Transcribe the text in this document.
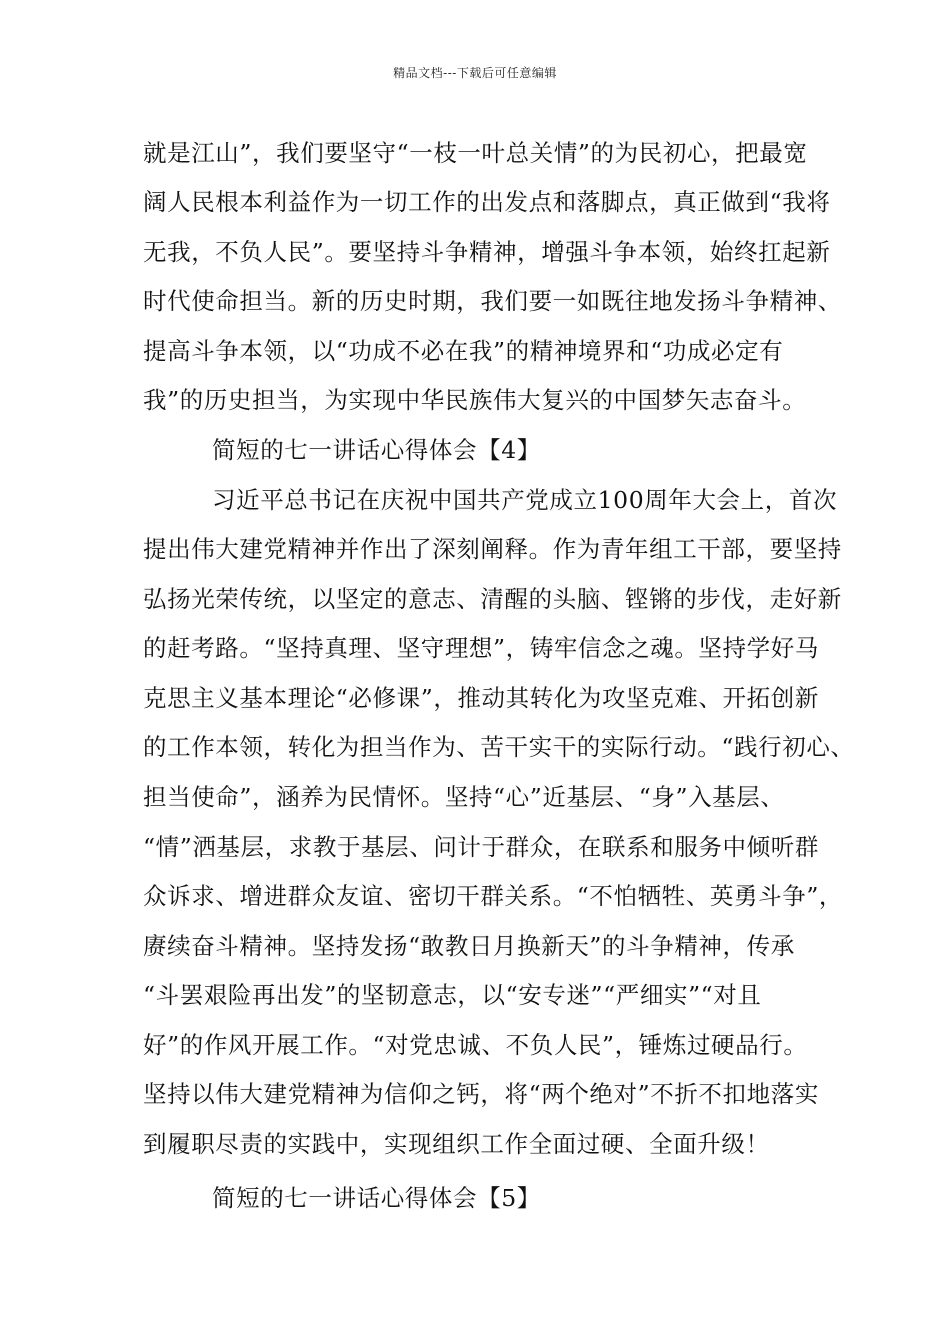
精品文档---下载后可任意编辑
就是江山”，我们要坚守“一枝一叶总关情”的为民初心，把最宽
阔人民根本利益作为一切工作的出发点和落脚点，真正做到“我将
无我，不负人民”。要坚持斗争精神，增强斗争本领，始终扛起新
时代使命担当。新的历史时期，我们要一如既往地发扬斗争精神、
提高斗争本领，以“功成不必在我”的精神境界和“功成必定有
我”的历史担当，为实现中华民族伟大复兴的中国梦矢志奋斗。
简短的七一讲话心得体会【4】
习近平总书记在庆祝中国共产党成立100周年大会上，首次
提出伟大建党精神并作出了深刻阐释。作为青年组工干部，要坚持
弘扬光荣传统，以坚定的意志、清醒的头脑、铿锵的步伐，走好新
的赶考路。“坚持真理、坚守理想”，铸牢信念之魂。坚持学好马
克思主义基本理论“必修课”，推动其转化为攻坚克难、开拓创新
的工作本领，转化为担当作为、苦干实干的实际行动。“践行初心、
担当使命”，涵养为民情怀。坚持“心”近基层、“身”入基层、
“情”洒基层，求教于基层、问计于群众，在联系和服务中倾听群
众诉求、增进群众友谊、密切干群关系。“不怕牺牲、英勇斗争”，
赓续奋斗精神。坚持发扬“敢教日月换新天”的斗争精神，传承
“斗罢艰险再出发”的坚韧意志，以“安专迷”“严细实”“对且
好”的作风开展工作。“对党忠诚、不负人民”，锤炼过硬品行。
坚持以伟大建党精神为信仰之钙，将“两个绝对”不折不扣地落实
到履职尽责的实践中，实现组织工作全面过硬、全面升级！
简短的七一讲话心得体会【5】
